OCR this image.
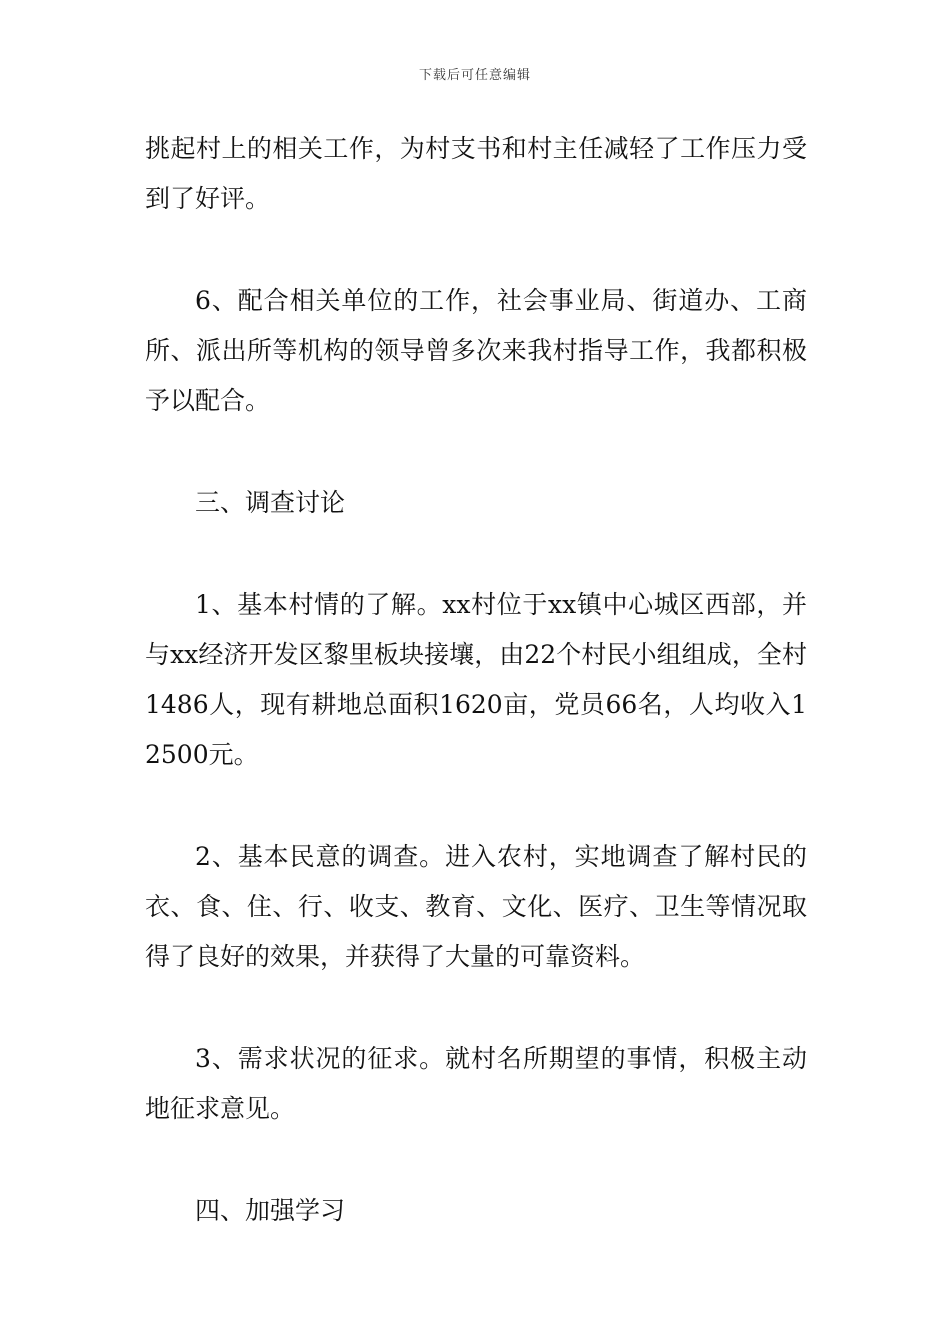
下载后可任意编辑

挑起村上的相关工作，为村支书和村主任减轻了工作压力受到了好评。

6、配合相关单位的工作，社会事业局、街道办、工商所、派出所等机构的领导曾多次来我村指导工作，我都积极予以配合。

三、调查讨论

1、基本村情的了解。xx村位于xx镇中心城区西部，并与xx经济开发区黎里板块接壤，由22个村民小组组成，全村1486人，现有耕地总面积1620亩，党员66名，人均收入12500元。

2、基本民意的调查。进入农村，实地调查了解村民的衣、食、住、行、收支、教育、文化、医疗、卫生等情况取得了良好的效果，并获得了大量的可靠资料。

3、需求状况的征求。就村名所期望的事情，积极主动地征求意见。

四、加强学习
